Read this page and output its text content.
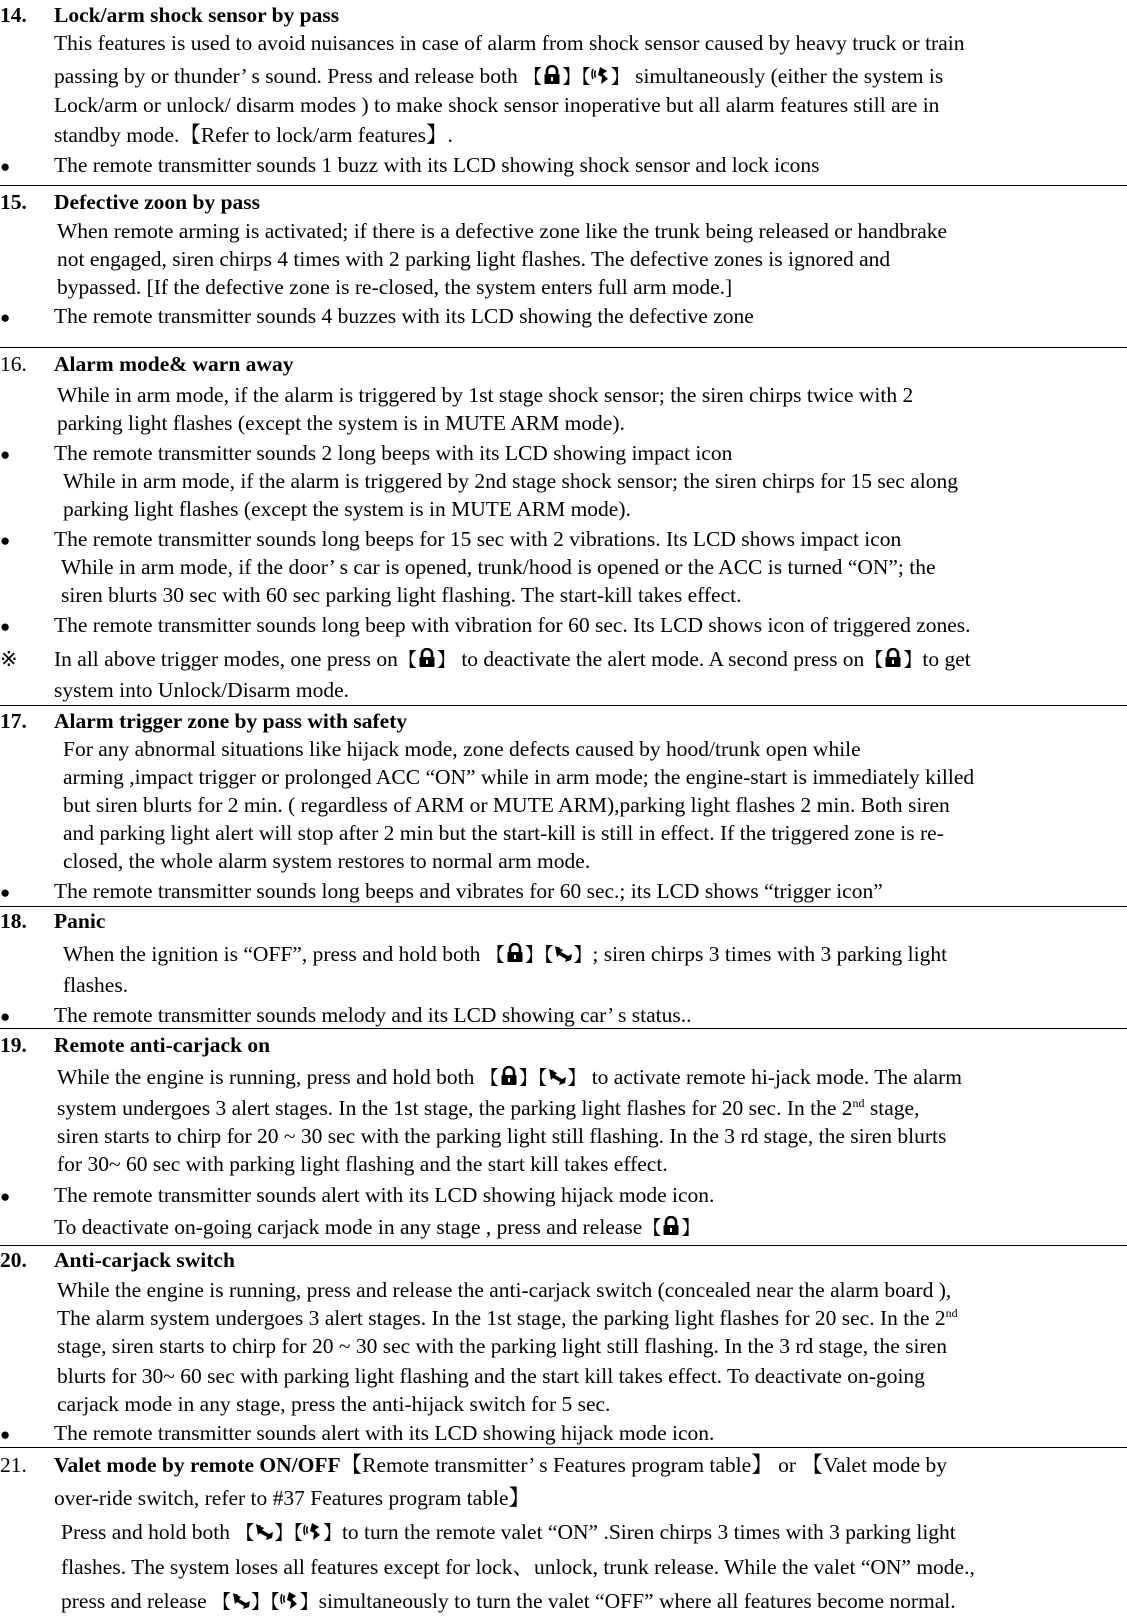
14. Lock/arm shock sensor by pass
This features is used to avoid nuisances in case of alarm from shock sensor caused by heavy truck or train
passing by or thunder’ s sound. Press and release both 【 】【 】 simultaneously (either the system is
Lock/arm or unlock/ disarm modes ) to make shock sensor inoperative but all alarm features still are in
standby mode.【Refer to lock/arm features】.
● The remote transmitter sounds 1 buzz with its LCD showing shock sensor and lock icons
15. Defective zoon by pass
When remote arming is activated; if there is a defective zone like the trunk being released or handbrake
not engaged, siren chirps 4 times with 2 parking light flashes. The defective zones is ignored and
bypassed. [If the defective zone is re-closed, the system enters full arm mode.]
● The remote transmitter sounds 4 buzzes with its LCD showing the defective zone
16. Alarm mode& warn away
While in arm mode, if the alarm is triggered by 1st stage shock sensor; the siren chirps twice with 2
parking light flashes (except the system is in MUTE ARM mode).
● The remote transmitter sounds 2 long beeps with its LCD showing impact icon
While in arm mode, if the alarm is triggered by 2nd stage shock sensor; the siren chirps for 15 sec along
parking light flashes (except the system is in MUTE ARM mode).
● The remote transmitter sounds long beeps for 15 sec with 2 vibrations. Its LCD shows impact icon
While in arm mode, if the door’ s car is opened, trunk/hood is opened or the ACC is turned “ON”; the
siren blurts 30 sec with 60 sec parking light flashing. The start-kill takes effect.
● The remote transmitter sounds long beep with vibration for 60 sec. Its LCD shows icon of triggered zones.
※ In all above trigger modes, one press on【 】 to deactivate the alert mode. A second press on【 】to get
system into Unlock/Disarm mode.
17. Alarm trigger zone by pass with safety
For any abnormal situations like hijack mode, zone defects caused by hood/trunk open while
arming ,impact trigger or prolonged ACC “ON” while in arm mode; the engine-start is immediately killed
but siren blurts for 2 min. ( regardless of ARM or MUTE ARM),parking light flashes 2 min. Both siren
and parking light alert will stop after 2 min but the start-kill is still in effect. If the triggered zone is re-
closed, the whole alarm system restores to normal arm mode.
● The remote transmitter sounds long beeps and vibrates for 60 sec.; its LCD shows “trigger icon”
18. Panic
When the ignition is “OFF”, press and hold both 【 】【 】; siren chirps 3 times with 3 parking light
flashes.
● The remote transmitter sounds melody and its LCD showing car’ s status..
19. Remote anti-carjack on
While the engine is running, press and hold both 【 】【 】 to activate remote hi-jack mode. The alarm
system undergoes 3 alert stages. In the 1st stage, the parking light flashes for 20 sec. In the 2nd stage,
siren starts to chirp for 20 ~ 30 sec with the parking light still flashing. In the 3 rd stage, the siren blurts
for 30~ 60 sec with parking light flashing and the start kill takes effect.
● The remote transmitter sounds alert with its LCD showing hijack mode icon.
To deactivate on-going carjack mode in any stage , press and release【 】
20. Anti-carjack switch
While the engine is running, press and release the anti-carjack switch (concealed near the alarm board ),
The alarm system undergoes 3 alert stages. In the 1st stage, the parking light flashes for 20 sec. In the 2nd
stage, siren starts to chirp for 20 ~ 30 sec with the parking light still flashing. In the 3 rd stage, the siren
blurts for 30~ 60 sec with parking light flashing and the start kill takes effect. To deactivate on-going
carjack mode in any stage, press the anti-hijack switch for 5 sec.
● The remote transmitter sounds alert with its LCD showing hijack mode icon.
21. Valet mode by remote ON/OFF【Remote transmitter’ s Features program table】 or 【Valet mode by
over-ride switch, refer to #37 Features program table】
Press and hold both 【 】【 】to turn the remote valet “ON” .Siren chirps 3 times with 3 parking light
flashes. The system loses all features except for lock、unlock, trunk release. While the valet “ON” mode.,
press and release 【 】【 】simultaneously to turn the valet “OFF” where all features become normal.
